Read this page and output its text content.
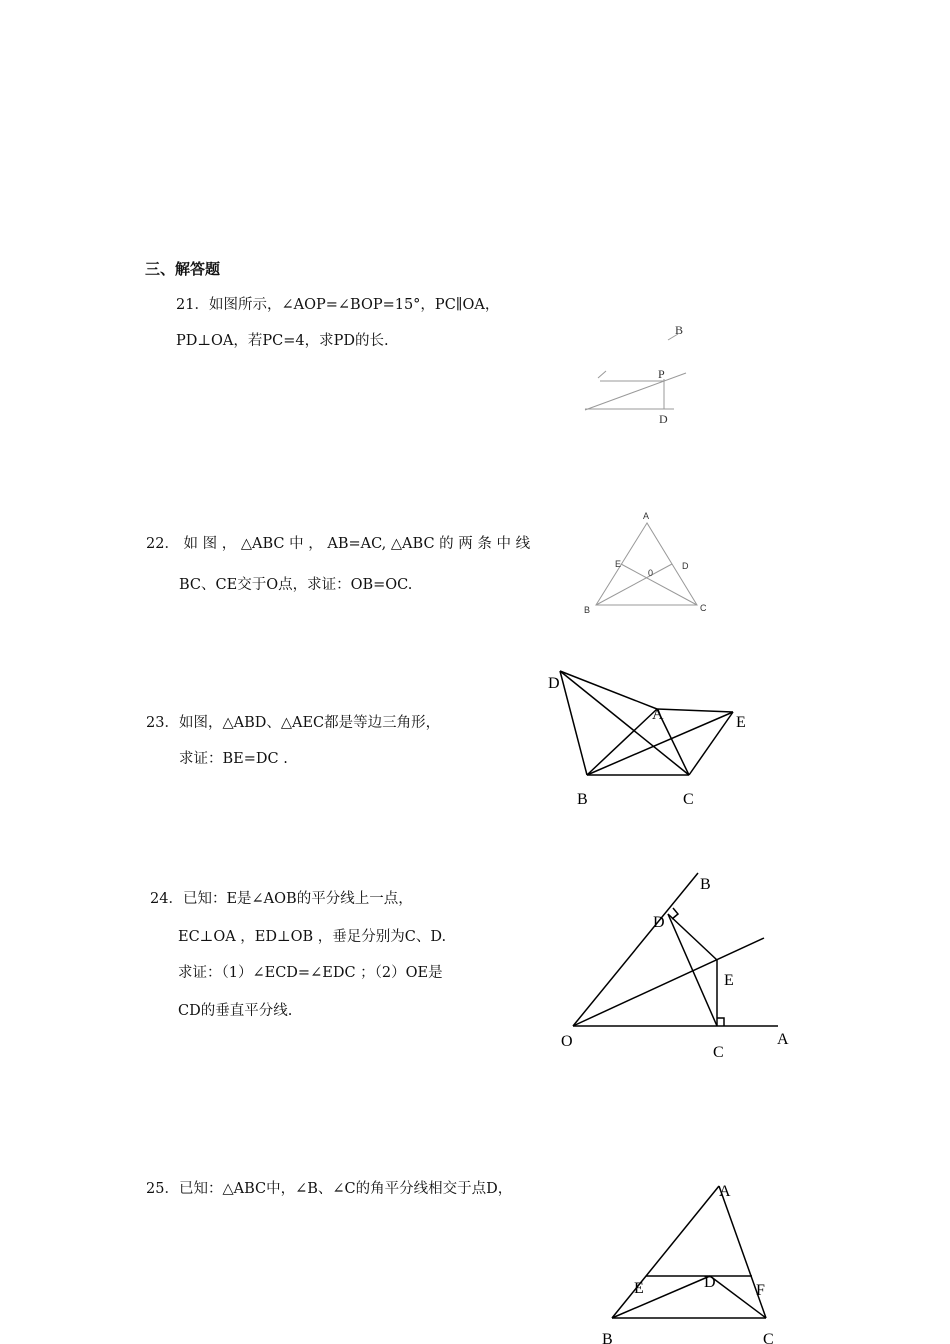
三、解答题
21．如图所示，∠AOP=∠BOP=15°，PC∥OA，
PD⊥OA，若PC=4，求PD的长.
B
P
D
22． 如 图 ， △ABC 中 ， AB=AC, △ABC 的 两 条 中 线
BC、CE交于O点，求证：OB=OC.
A
E
0
D
B	C
23．如图，△ABD、△AEC都是等边三角形，
求证：BE=DC .
D
A	E
B	C
24．已知：E是∠AOB的平分线上一点，
EC⊥OA ，ED⊥OB ，垂足分别为C、D.
求证：（1）∠ECD=∠EDC ；（2）OE是
CD的垂直平分线.
B
D
E
O
C
A
25．已知：△ABC中，∠B、∠C的角平分线相交于点D，	A
E	D	F
B	C
